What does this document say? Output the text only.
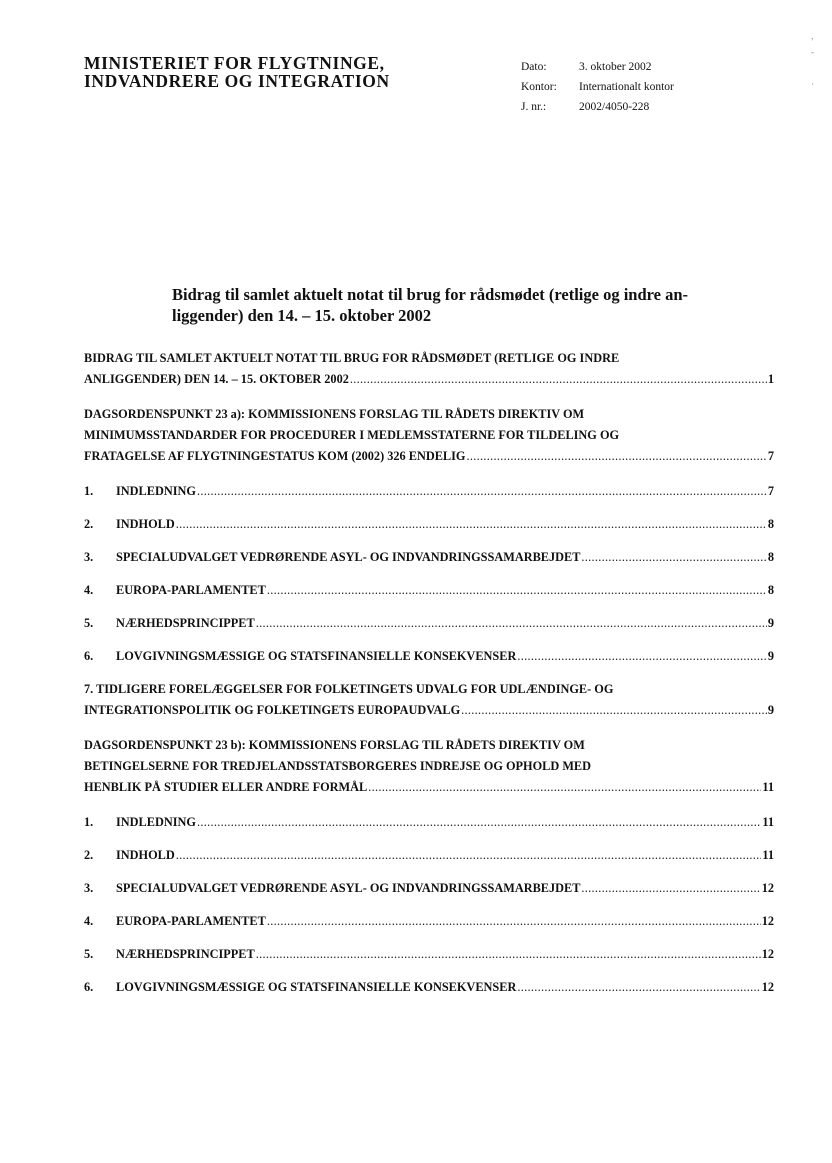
MINISTERIET FOR FLYGTNINGE,
INDVANDRERE OG INTEGRATION
Dato:	3. oktober 2002
Kontor:	Internationalt kontor
J. nr.:	2002/4050-228
,
-

·
Bidrag til samlet aktuelt notat til brug for rådsmødet (retlige og indre an-
liggender) den 14. – 15. oktober 2002
BIDRAG TIL SAMLET AKTUELT NOTAT TIL BRUG FOR RÅDSMØDET (RETLIGE OG INDRE
ANLIGGENDER) DEN 14. – 15. OKTOBER 2002 .....	1
DAGSORDENSPUNKT 23 a): KOMMISSIONENS FORSLAG TIL RÅDETS DIREKTIV OM
MINIMUMSSTANDARDER FOR PROCEDURER I MEDLEMSSTATERNE FOR TILDELING OG
FRATAGELSE AF FLYGTNINGESTATUS KOM (2002) 326 ENDELIG .....	7
1.	INDLEDNING .....	7
2.	INDHOLD .....	8
3.	SPECIALUDVALGET VEDRØRENDE ASYL- OG INDVANDRINGSSAMARBEJDET .....	8
4.	EUROPA-PARLAMENTET .....	8
5.	NÆRHEDSPRINCIPPET .....	9
6.	LOVGIVNINGSMÆSSIGE OG STATSFINANSIELLE KONSEKVENSER .....	9
7. TIDLIGERE FORELÆGGELSER FOR FOLKETINGETS UDVALG FOR UDLÆNDINGE- OG
INTEGRATIONSPOLITIK OG FOLKETINGETS EUROPAUDVALG .....	9
DAGSORDENSPUNKT 23 b): KOMMISSIONENS FORSLAG TIL RÅDETS DIREKTIV OM
BETINGELSERNE FOR TREDJELANDSSTATSBORGERES INDREJSE OG OPHOLD MED
HENBLIK PÅ STUDIER ELLER ANDRE FORMÅL .....	11
1.	INDLEDNING .....	11
2.	INDHOLD .....	11
3.	SPECIALUDVALGET VEDRØRENDE ASYL- OG INDVANDRINGSSAMARBEJDET .....	12
4.	EUROPA-PARLAMENTET .....	12
5.	NÆRHEDSPRINCIPPET .....	12
6.	LOVGIVNINGSMÆSSIGE OG STATSFINANSIELLE KONSEKVENSER .....	12
